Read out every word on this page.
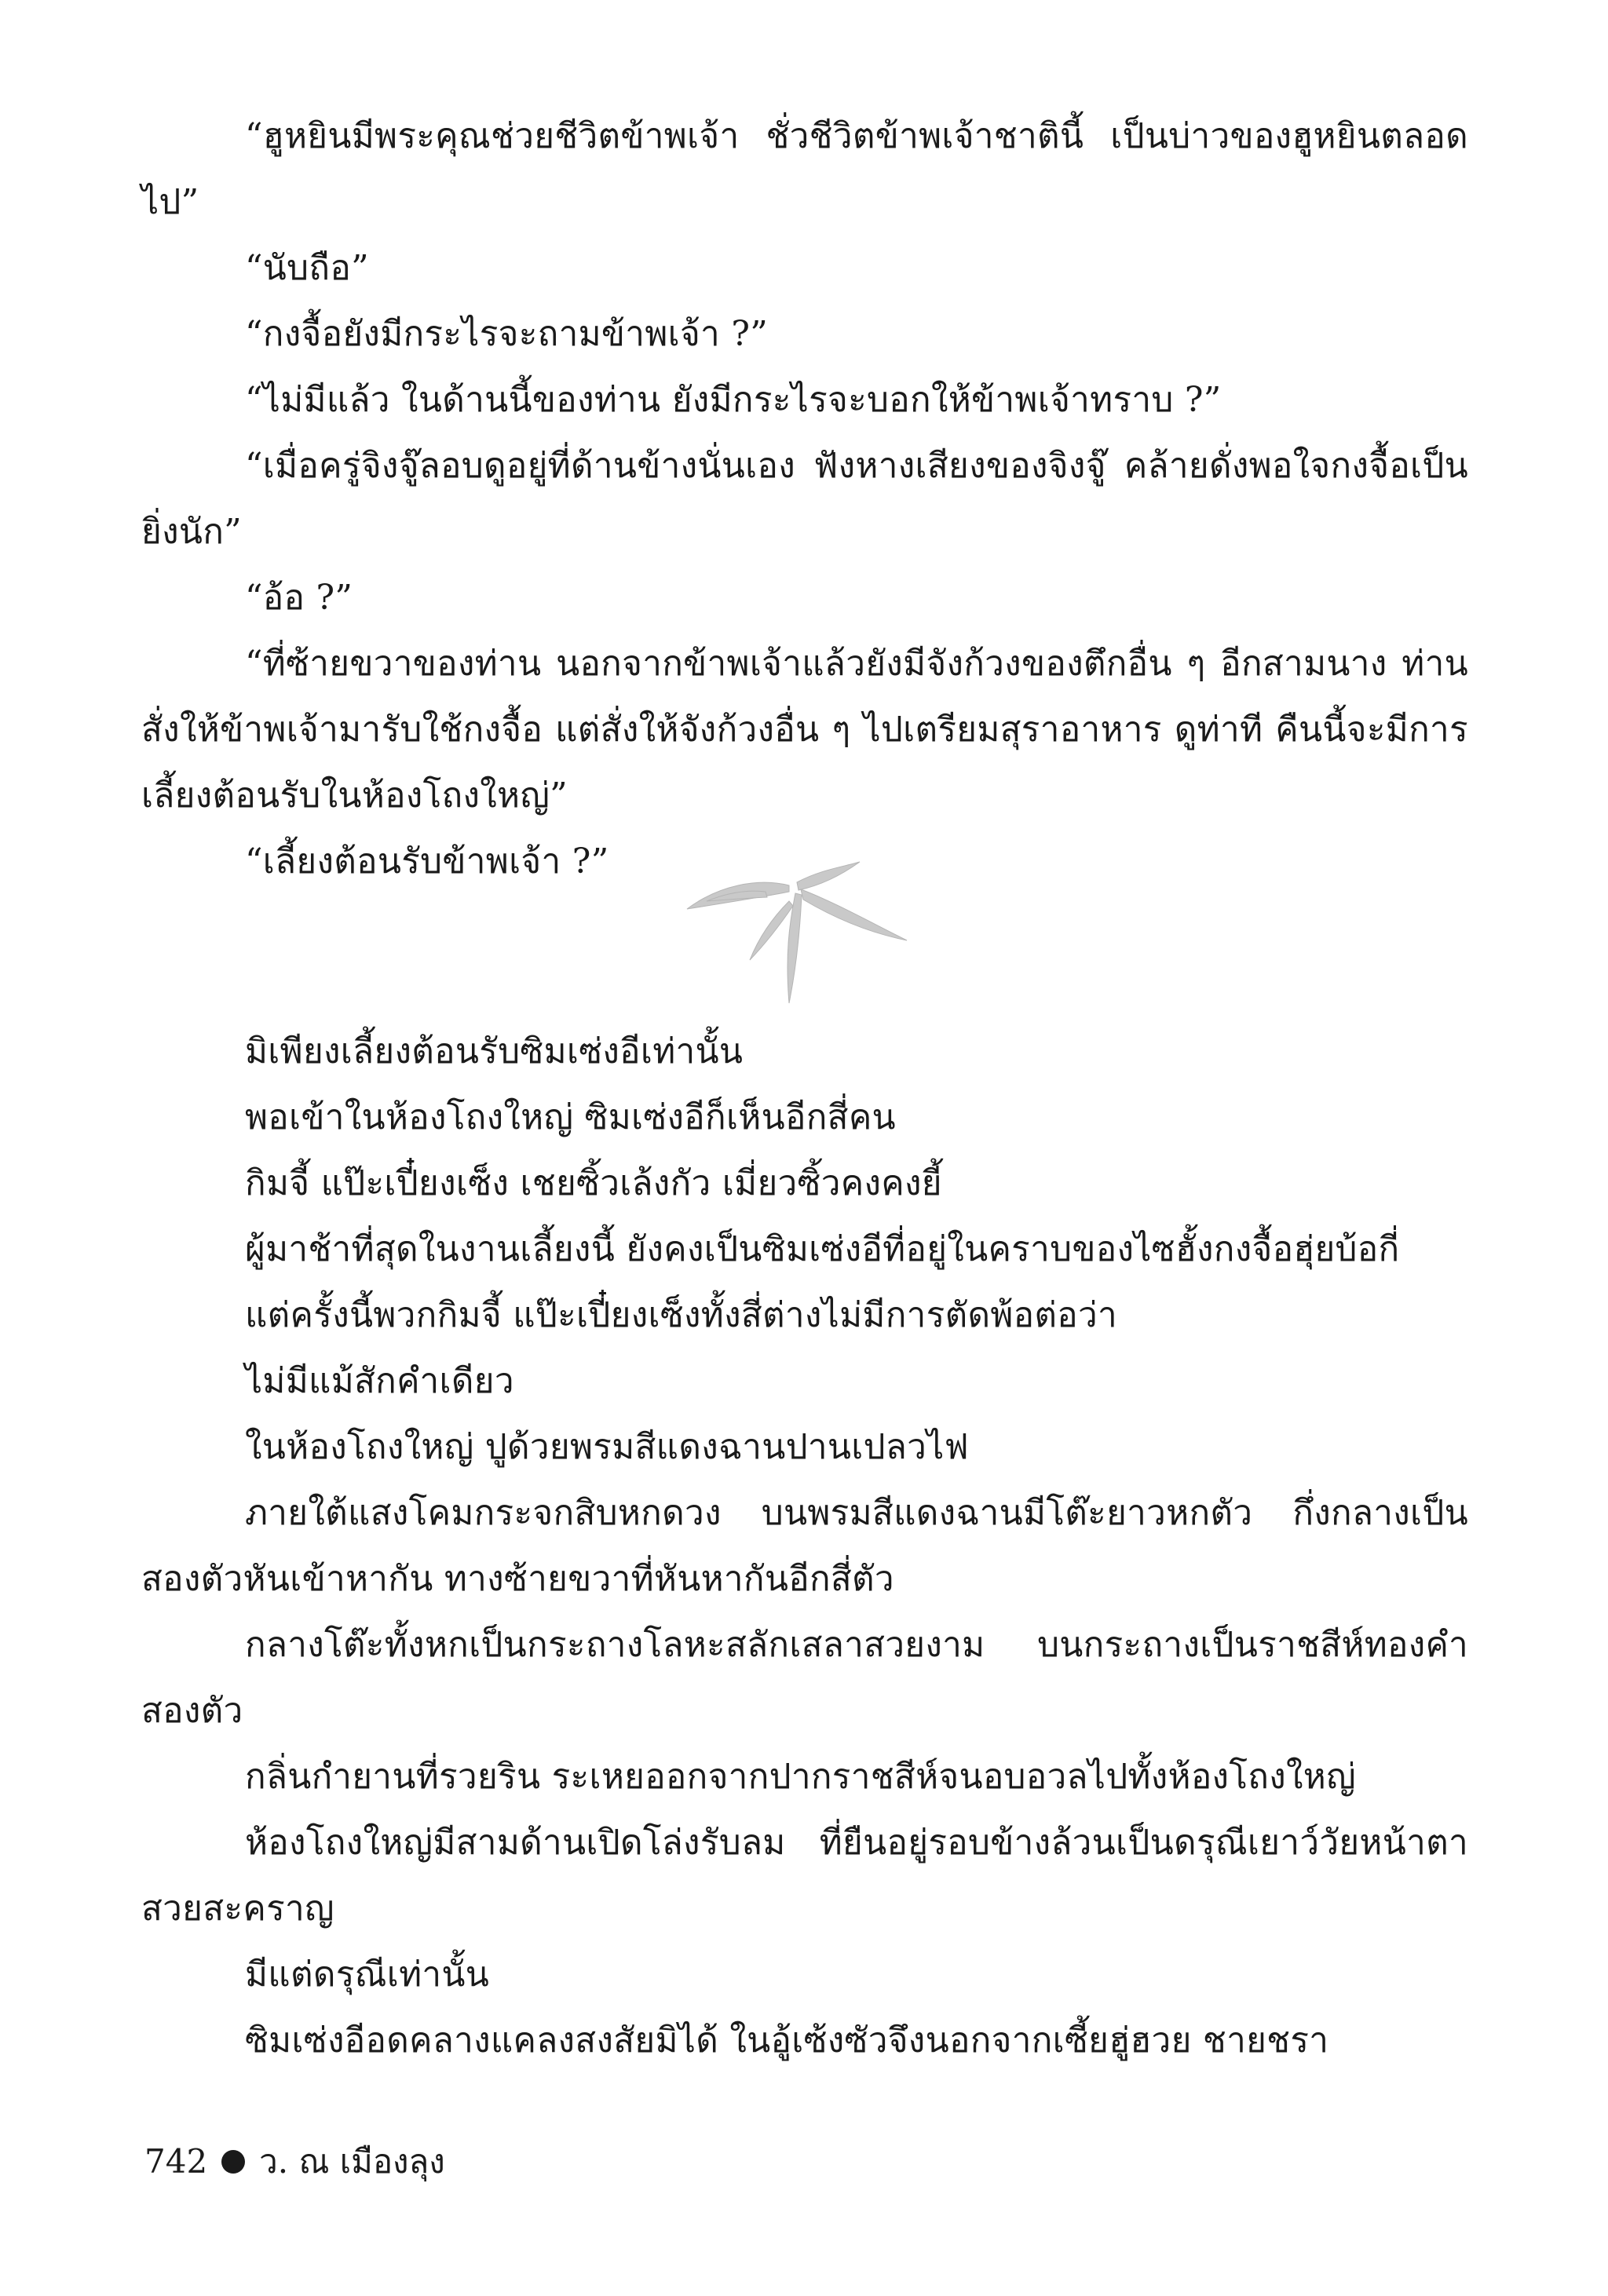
“ฮูหยินมีพระคุณช่วยชีวิตข้าพเจ้า ชั่วชีวิตข้าพเจ้าชาตินี้ เป็นบ่าวของฮูหยินตลอดไป”

“นับถือ”

“กงจื้อยังมีกระไรจะถามข้าพเจ้า ?”

“ไม่มีแล้ว ในด้านนี้ของท่าน ยังมีกระไรจะบอกให้ข้าพเจ้าทราบ ?”

“เมื่อครู่จิงจู๊ลอบดูอยู่ที่ด้านข้างนั่นเอง ฟังหางเสียงของจิงจู๊ คล้ายดั่งพอใจกงจื้อเป็นยิ่งนัก”

“อ้อ ?”

“ที่ซ้ายขวาของท่าน นอกจากข้าพเจ้าแล้วยังมีจังก้วงของตึกอื่น ๆ อีกสามนาง ท่านสั่งให้ข้าพเจ้ามารับใช้กงจื้อ แต่สั่งให้จังก้วงอื่น ๆ ไปเตรียมสุราอาหาร ดูท่าที คืนนี้จะมีการเลี้ยงต้อนรับในห้องโถงใหญ่”

“เลี้ยงต้อนรับข้าพเจ้า ?”

มิเพียงเลี้ยงต้อนรับซิมเซ่งอีเท่านั้น

พอเข้าในห้องโถงใหญ่ ซิมเซ่งอีก็เห็นอีกสี่คน

กิมจี้ แป๊ะเปี๋ยงเซ็ง เชยซิ้วเล้งกัว เมี่ยวซิ้วคงคงยี้

ผู้มาช้าที่สุดในงานเลี้ยงนี้ ยังคงเป็นซิมเซ่งอีที่อยู่ในคราบของไซฮั้งกงจื้อฮุ่ยบ้อกี่

แต่ครั้งนี้พวกกิมจี้ แป๊ะเปี๋ยงเซ็งทั้งสี่ต่างไม่มีการตัดพ้อต่อว่า

ไม่มีแม้สักคำเดียว

ในห้องโถงใหญ่ ปูด้วยพรมสีแดงฉานปานเปลวไฟ

ภายใต้แสงโคมกระจกสิบหกดวง บนพรมสีแดงฉานมีโต๊ะยาวหกตัว กึ่งกลางเป็นสองตัวหันเข้าหากัน ทางซ้ายขวาที่หันหากันอีกสี่ตัว

กลางโต๊ะทั้งหกเป็นกระถางโลหะสลักเสลาสวยงาม บนกระถางเป็นราชสีห์ทองคำสองตัว

กลิ่นกำยานที่รวยริน ระเหยออกจากปากราชสีห์จนอบอวลไปทั้งห้องโถงใหญ่

ห้องโถงใหญ่มีสามด้านเปิดโล่งรับลม ที่ยืนอยู่รอบข้างล้วนเป็นดรุณีเยาว์วัยหน้าตาสวยสะคราญ

มีแต่ดรุณีเท่านั้น

ซิมเซ่งอีอดคลางแคลงสงสัยมิได้ ในอู้เซ้งซัวจึงนอกจากเซี้ยฮู่ฮวย ชายชรา

742 ว. ณ เมืองลุง
